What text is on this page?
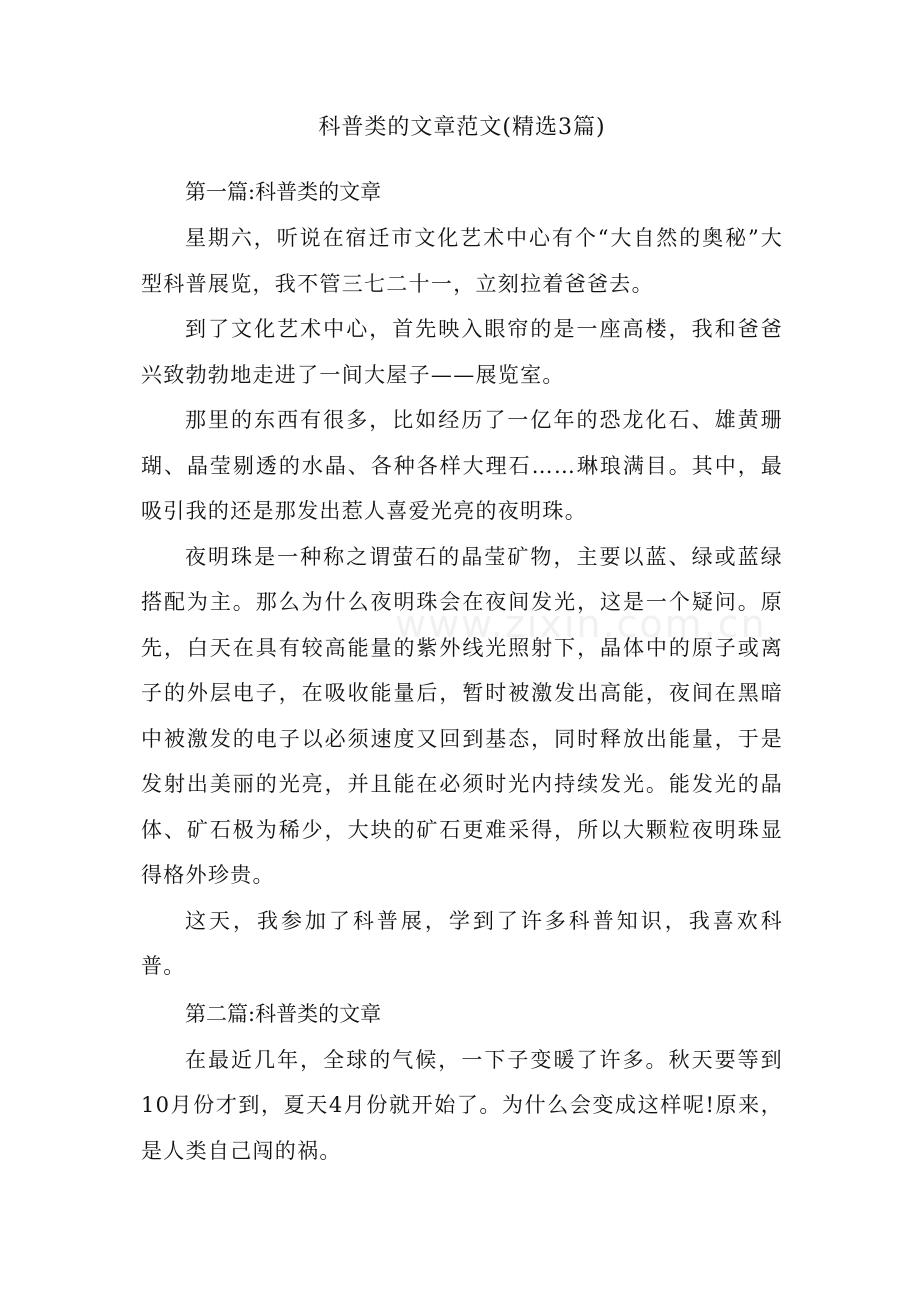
科普类的文章范文(精选3篇)
第一篇:科普类的文章

星期六，听说在宿迁市文化艺术中心有个“大自然的奥秘”大型科普展览，我不管三七二十一，立刻拉着爸爸去。

到了文化艺术中心，首先映入眼帘的是一座高楼，我和爸爸兴致勃勃地走进了一间大屋子——展览室。

那里的东西有很多，比如经历了一亿年的恐龙化石、雄黄珊瑚、晶莹剔透的水晶、各种各样大理石……琳琅满目。其中，最吸引我的还是那发出惹人喜爱光亮的夜明珠。

夜明珠是一种称之谓萤石的晶莹矿物，主要以蓝、绿或蓝绿搭配为主。那么为什么夜明珠会在夜间发光，这是一个疑问。原先，白天在具有较高能量的紫外线光照射下，晶体中的原子或离子的外层电子，在吸收能量后，暂时被激发出高能，夜间在黑暗中被激发的电子以必须速度又回到基态，同时释放出能量，于是发射出美丽的光亮，并且能在必须时光内持续发光。能发光的晶体、矿石极为稀少，大块的矿石更难采得，所以大颗粒夜明珠显得格外珍贵。

这天，我参加了科普展，学到了许多科普知识，我喜欢科普。

第二篇:科普类的文章

在最近几年，全球的气候，一下子变暖了许多。秋天要等到10月份才到，夏天4月份就开始了。为什么会变成这样呢!原来，是人类自己闯的祸。

www.zixin.com.cn
